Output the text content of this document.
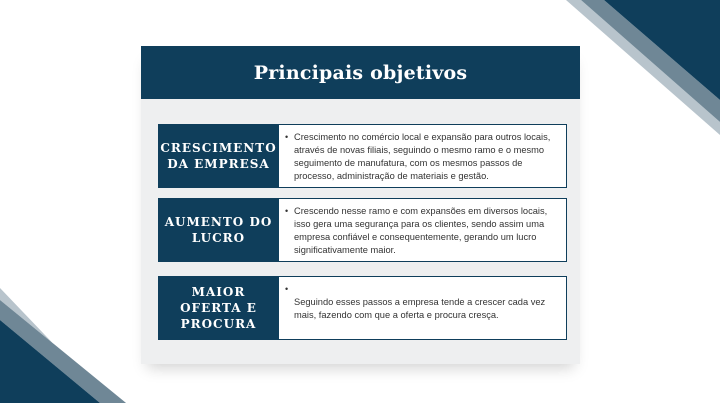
Principais objetivos
CRESCIMENTO
DA EMPRESA
• Crescimento no comércio local e expansão para outros locais, através de novas filiais, seguindo o mesmo ramo e o mesmo seguimento de manufatura, com os mesmos passos de processo, administração de materiais e gestão.

AUMENTO DO
LUCRO
• Crescendo nesse ramo e com expansões em diversos locais, isso gera uma segurança para os clientes, sendo assim uma empresa confiável e consequentemente, gerando um lucro significativamente maior.

MAIOR
OFERTA E
PROCURA
•

Seguindo esses passos a empresa tende a crescer cada vez mais, fazendo com que a oferta e procura cresça.
